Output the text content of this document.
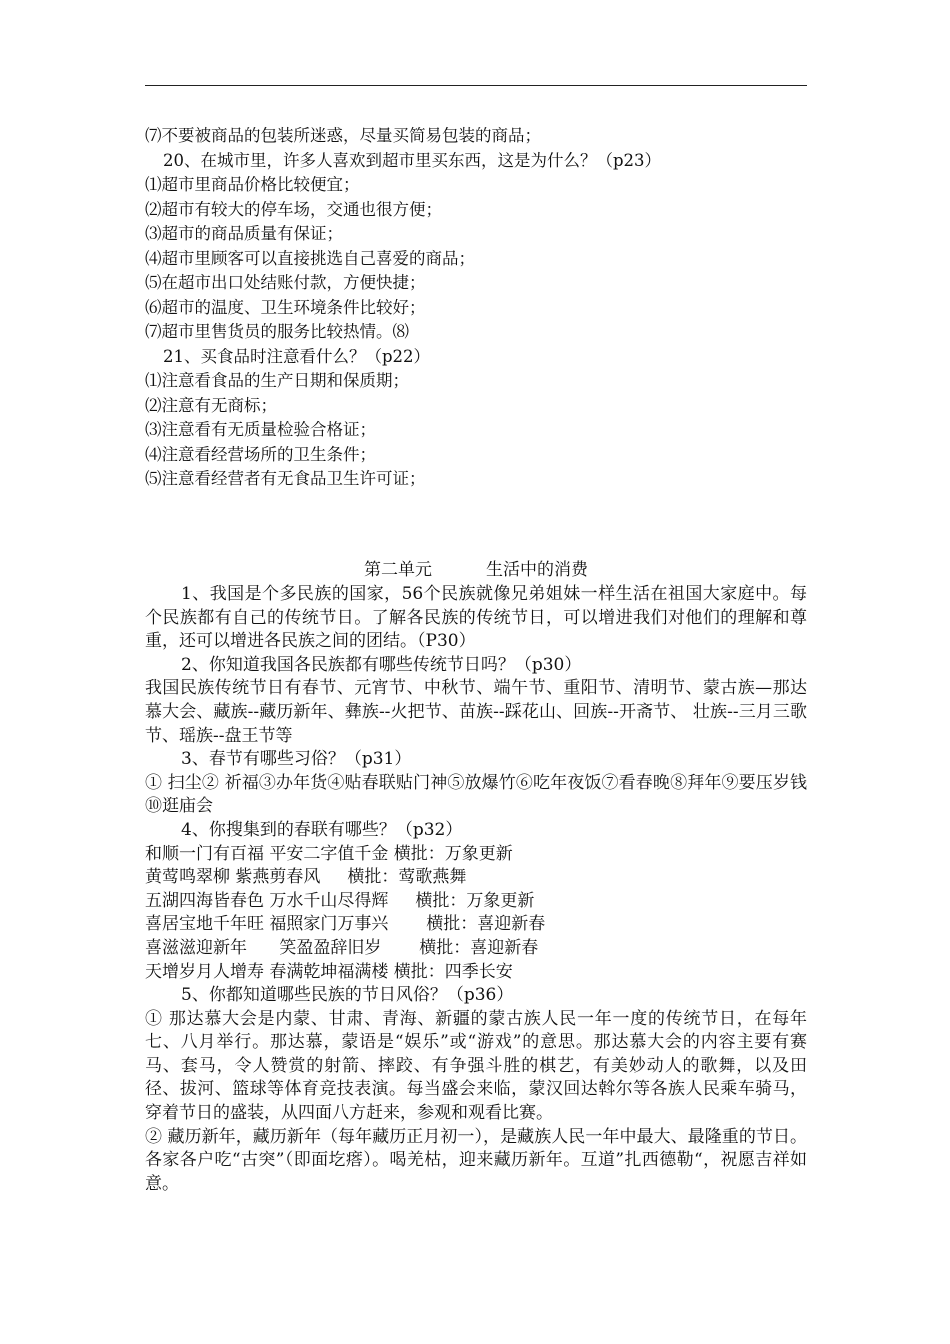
⑺不要被商品的包装所迷惑，尽量买简易包装的商品；
20、在城市里，许多人喜欢到超市里买东西，这是为什么？（p23）
⑴超市里商品价格比较便宜；
⑵超市有较大的停车场，交通也很方便；
⑶超市的商品质量有保证；
⑷超市里顾客可以直接挑选自己喜爱的商品；
⑸在超市出口处结账付款，方便快捷；
⑹超市的温度、卫生环境条件比较好；
⑺超市里售货员的服务比较热情。⑻
21、买食品时注意看什么？（p22）
⑴注意看食品的生产日期和保质期；
⑵注意有无商标；
⑶注意看有无质量检验合格证；
⑷注意看经营场所的卫生条件；
⑸注意看经营者有无食品卫生许可证；
第二单元          生活中的消费
1、我国是个多民族的国家，56个民族就像兄弟姐妹一样生活在祖国大家庭中。每个民族都有自己的传统节日。了解各民族的传统节日，可以增进我们对他们的理解和尊重，还可以增进各民族之间的团结。（P30）
2、你知道我国各民族都有哪些传统节日吗？（p30）
我国民族传统节日有春节、元宵节、中秋节、端午节、重阳节、清明节、蒙古族—那达慕大会、藏族--藏历新年、彝族--火把节、苗族--踩花山、回族--开斋节、 壮族--三月三歌节、瑶族--盘王节等
3、春节有哪些习俗？（p31）
① 扫尘② 祈福③办年货④贴春联贴门神⑤放爆竹⑥吃年夜饭⑦看春晚⑧拜年⑨要压岁钱⑩逛庙会
4、你搜集到的春联有哪些？（p32）
和顺一门有百福 平安二字值千金 横批：万象更新
黄莺鸣翠柳 紫燕剪春风     横批：莺歌燕舞
五湖四海皆春色 万水千山尽得辉     横批：万象更新
喜居宝地千年旺 福照家门万事兴       横批：喜迎新春
喜滋滋迎新年      笑盈盈辞旧岁       横批：喜迎新春
天增岁月人增寿 春满乾坤福满楼 横批：四季长安
5、你都知道哪些民族的节日风俗？（p36）
① 那达慕大会是内蒙、甘肃、青海、新疆的蒙古族人民一年一度的传统节日，在每年七、八月举行。那达慕，蒙语是“娱乐”或“游戏”的意思。那达慕大会的内容主要有赛马、套马，令人赞赏的射箭、摔跤、有争强斗胜的棋艺，有美妙动人的歌舞，以及田径、拔河、篮球等体育竞技表演。每当盛会来临，蒙汉回达斡尔等各族人民乘车骑马，穿着节日的盛装，从四面八方赶来，参观和观看比赛。
② 藏历新年，藏历新年（每年藏历正月初一），是藏族人民一年中最大、最隆重的节日。各家各户吃“古突”（即面圪瘩）。喝羌枯，迎来藏历新年。互道”扎西德勒“，祝愿吉祥如意。
